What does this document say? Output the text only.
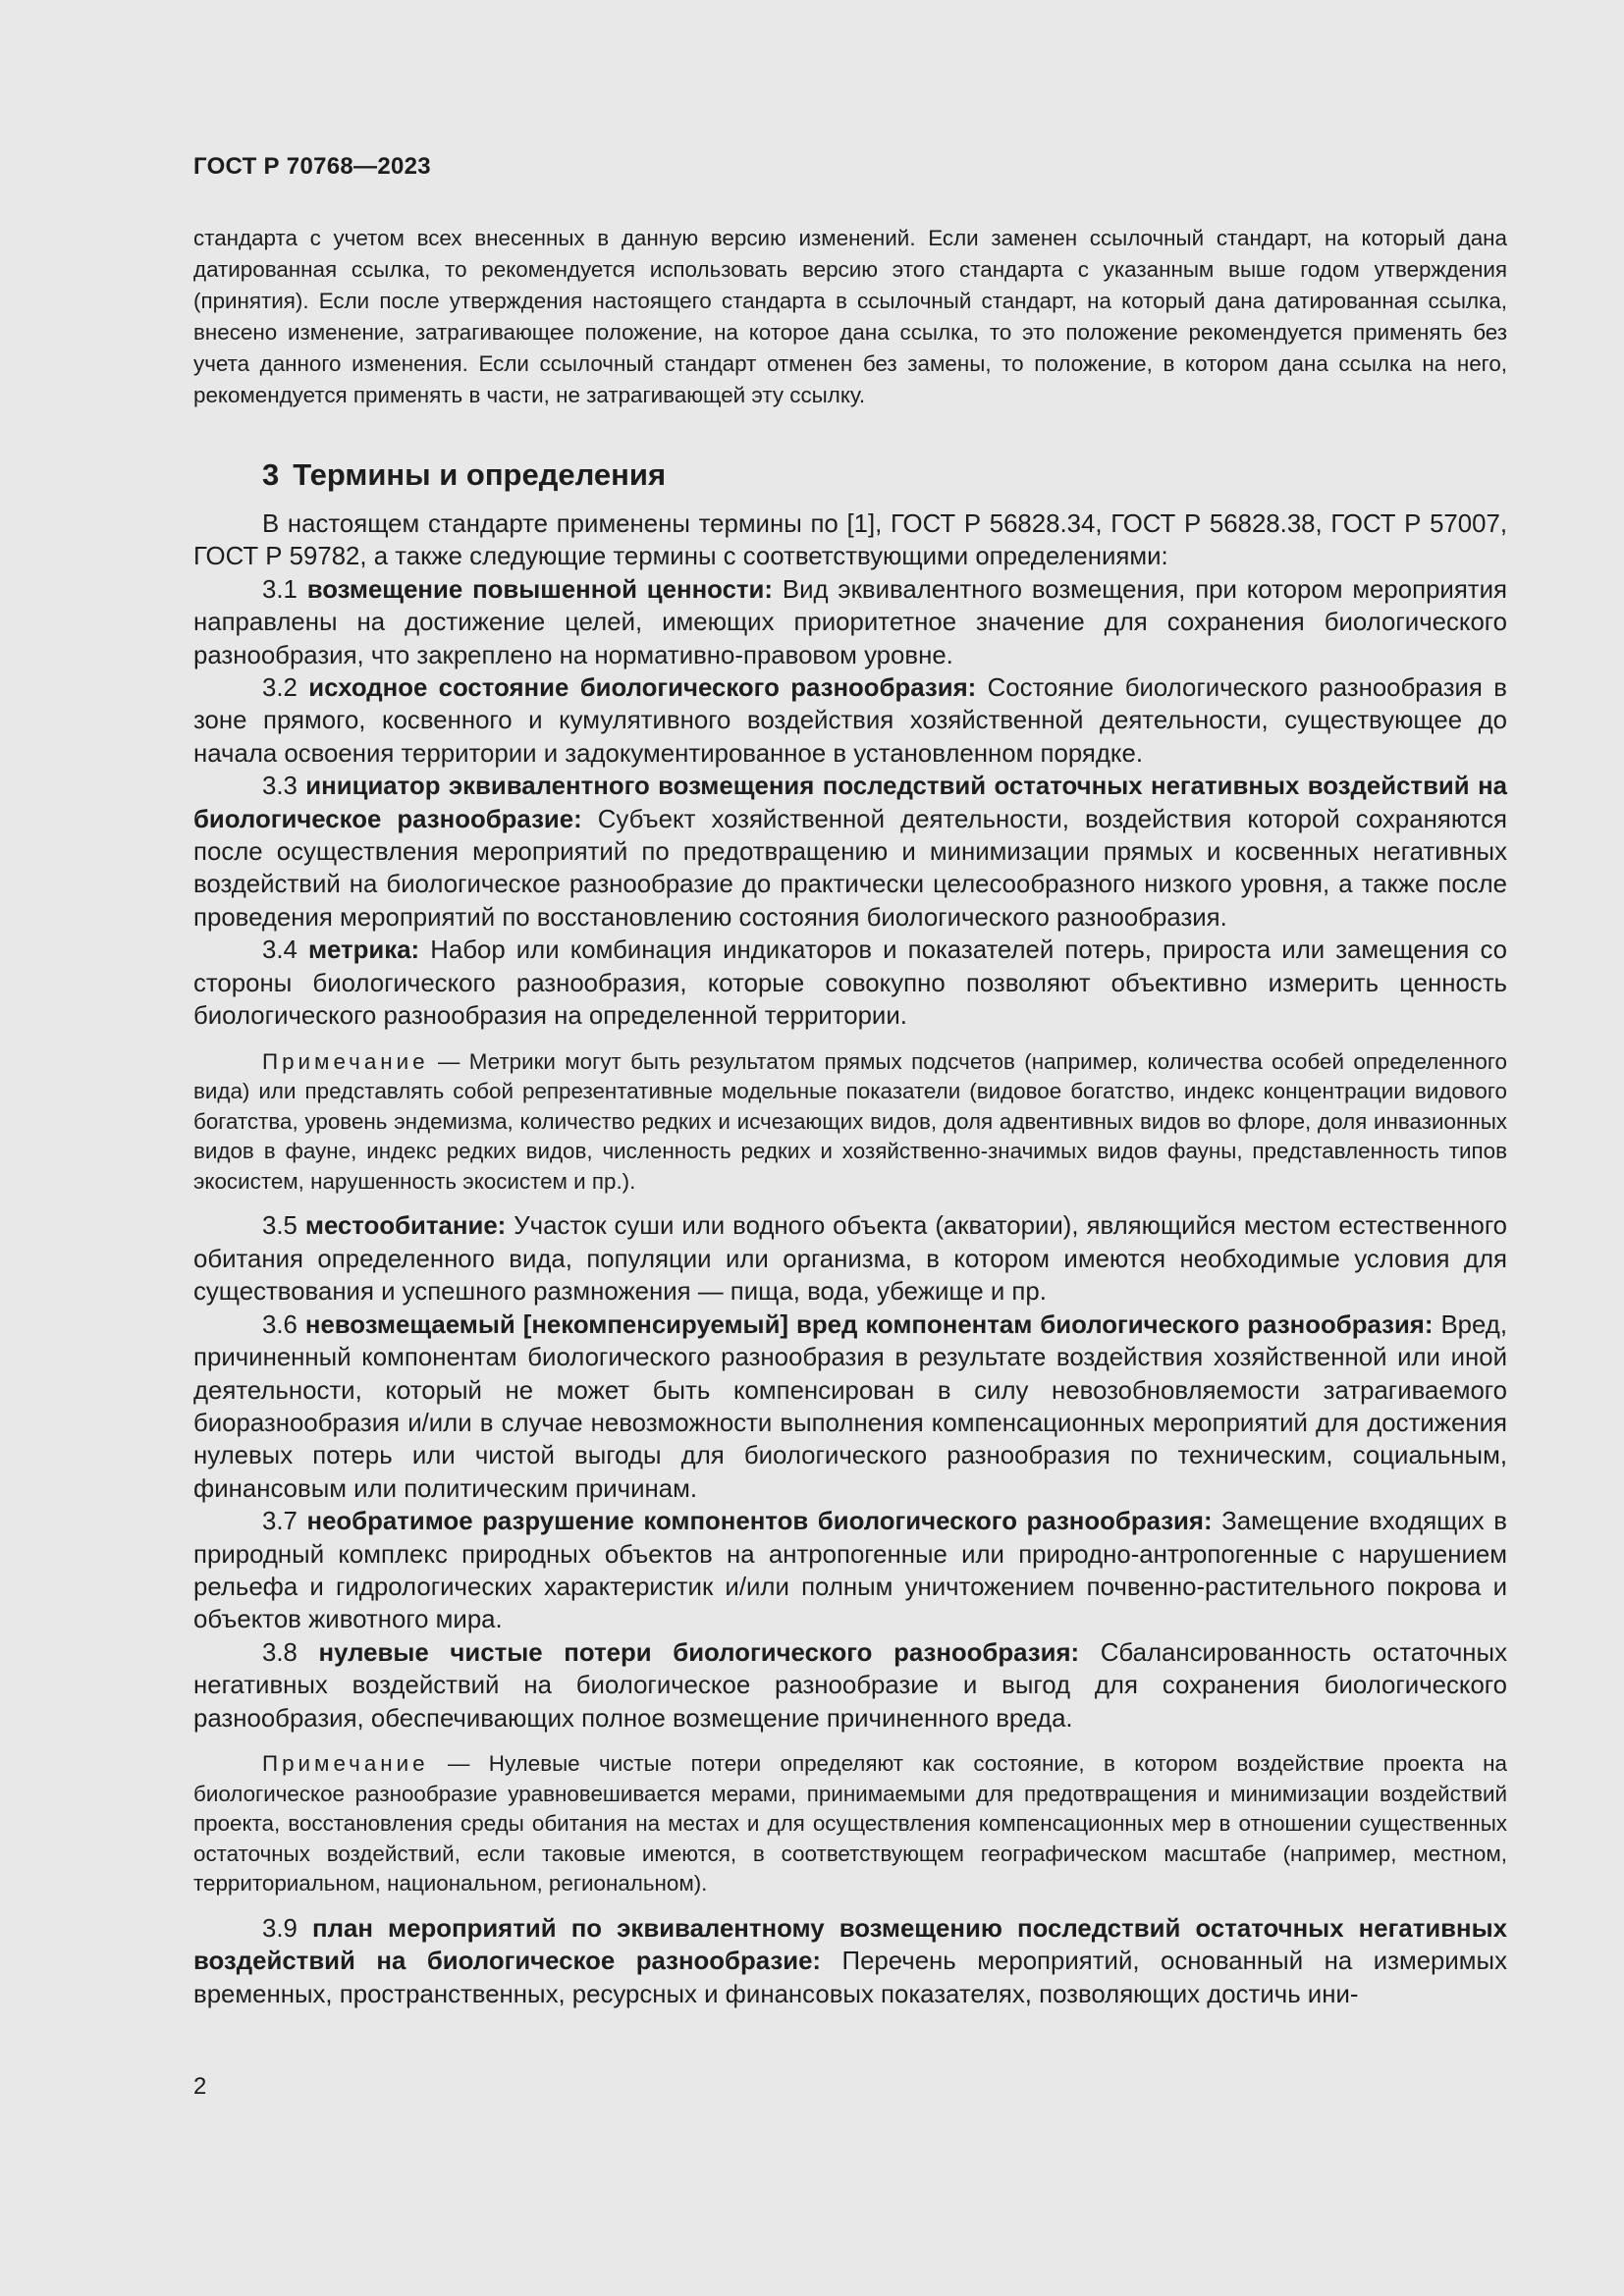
ГОСТ Р 70768—2023

стандарта с учетом всех внесенных в данную версию изменений. Если заменен ссылочный стандарт, на который дана датированная ссылка, то рекомендуется использовать версию этого стандарта с указанным выше годом утверждения (принятия). Если после утверждения настоящего стандарта в ссылочный стандарт, на который дана датированная ссылка, внесено изменение, затрагивающее положение, на которое дана ссылка, то это положение рекомендуется применять без учета данного изменения. Если ссылочный стандарт отменен без замены, то положение, в котором дана ссылка на него, рекомендуется применять в части, не затрагивающей эту ссылку.

3 Термины и определения

В настоящем стандарте применены термины по [1], ГОСТ Р 56828.34, ГОСТ Р 56828.38, ГОСТ Р 57007, ГОСТ Р 59782, а также следующие термины с соответствующими определениями:

3.1 возмещение повышенной ценности: Вид эквивалентного возмещения, при котором мероприятия направлены на достижение целей, имеющих приоритетное значение для сохранения биологического разнообразия, что закреплено на нормативно-правовом уровне.

3.2 исходное состояние биологического разнообразия: Состояние биологического разнообразия в зоне прямого, косвенного и кумулятивного воздействия хозяйственной деятельности, существующее до начала освоения территории и задокументированное в установленном порядке.

3.3 инициатор эквивалентного возмещения последствий остаточных негативных воздействий на биологическое разнообразие: Субъект хозяйственной деятельности, воздействия которой сохраняются после осуществления мероприятий по предотвращению и минимизации прямых и косвенных негативных воздействий на биологическое разнообразие до практически целесообразного низкого уровня, а также после проведения мероприятий по восстановлению состояния биологического разнообразия.

3.4 метрика: Набор или комбинация индикаторов и показателей потерь, прироста или замещения со стороны биологического разнообразия, которые совокупно позволяют объективно измерить ценность биологического разнообразия на определенной территории.

Примечание — Метрики могут быть результатом прямых подсчетов (например, количества особей определенного вида) или представлять собой репрезентативные модельные показатели (видовое богатство, индекс концентрации видового богатства, уровень эндемизма, количество редких и исчезающих видов, доля адвентивных видов во флоре, доля инвазионных видов в фауне, индекс редких видов, численность редких и хозяйственно-значимых видов фауны, представленность типов экосистем, нарушенность экосистем и пр.).

3.5 местообитание: Участок суши или водного объекта (акватории), являющийся местом естественного обитания определенного вида, популяции или организма, в котором имеются необходимые условия для существования и успешного размножения — пища, вода, убежище и пр.

3.6 невозмещаемый [некомпенсируемый] вред компонентам биологического разнообразия: Вред, причиненный компонентам биологического разнообразия в результате воздействия хозяйственной или иной деятельности, который не может быть компенсирован в силу невозобновляемости затрагиваемого биоразнообразия и/или в случае невозможности выполнения компенсационных мероприятий для достижения нулевых потерь или чистой выгоды для биологического разнообразия по техническим, социальным, финансовым или политическим причинам.

3.7 необратимое разрушение компонентов биологического разнообразия: Замещение входящих в природный комплекс природных объектов на антропогенные или природно-антропогенные с нарушением рельефа и гидрологических характеристик и/или полным уничтожением почвенно-растительного покрова и объектов животного мира.

3.8 нулевые чистые потери биологического разнообразия: Сбалансированность остаточных негативных воздействий на биологическое разнообразие и выгод для сохранения биологического разнообразия, обеспечивающих полное возмещение причиненного вреда.

Примечание — Нулевые чистые потери определяют как состояние, в котором воздействие проекта на биологическое разнообразие уравновешивается мерами, принимаемыми для предотвращения и минимизации воздействий проекта, восстановления среды обитания на местах и для осуществления компенсационных мер в отношении существенных остаточных воздействий, если таковые имеются, в соответствующем географическом масштабе (например, местном, территориальном, национальном, региональном).

3.9 план мероприятий по эквивалентному возмещению последствий остаточных негативных воздействий на биологическое разнообразие: Перечень мероприятий, основанный на измеримых временных, пространственных, ресурсных и финансовых показателях, позволяющих достичь ини-

2
